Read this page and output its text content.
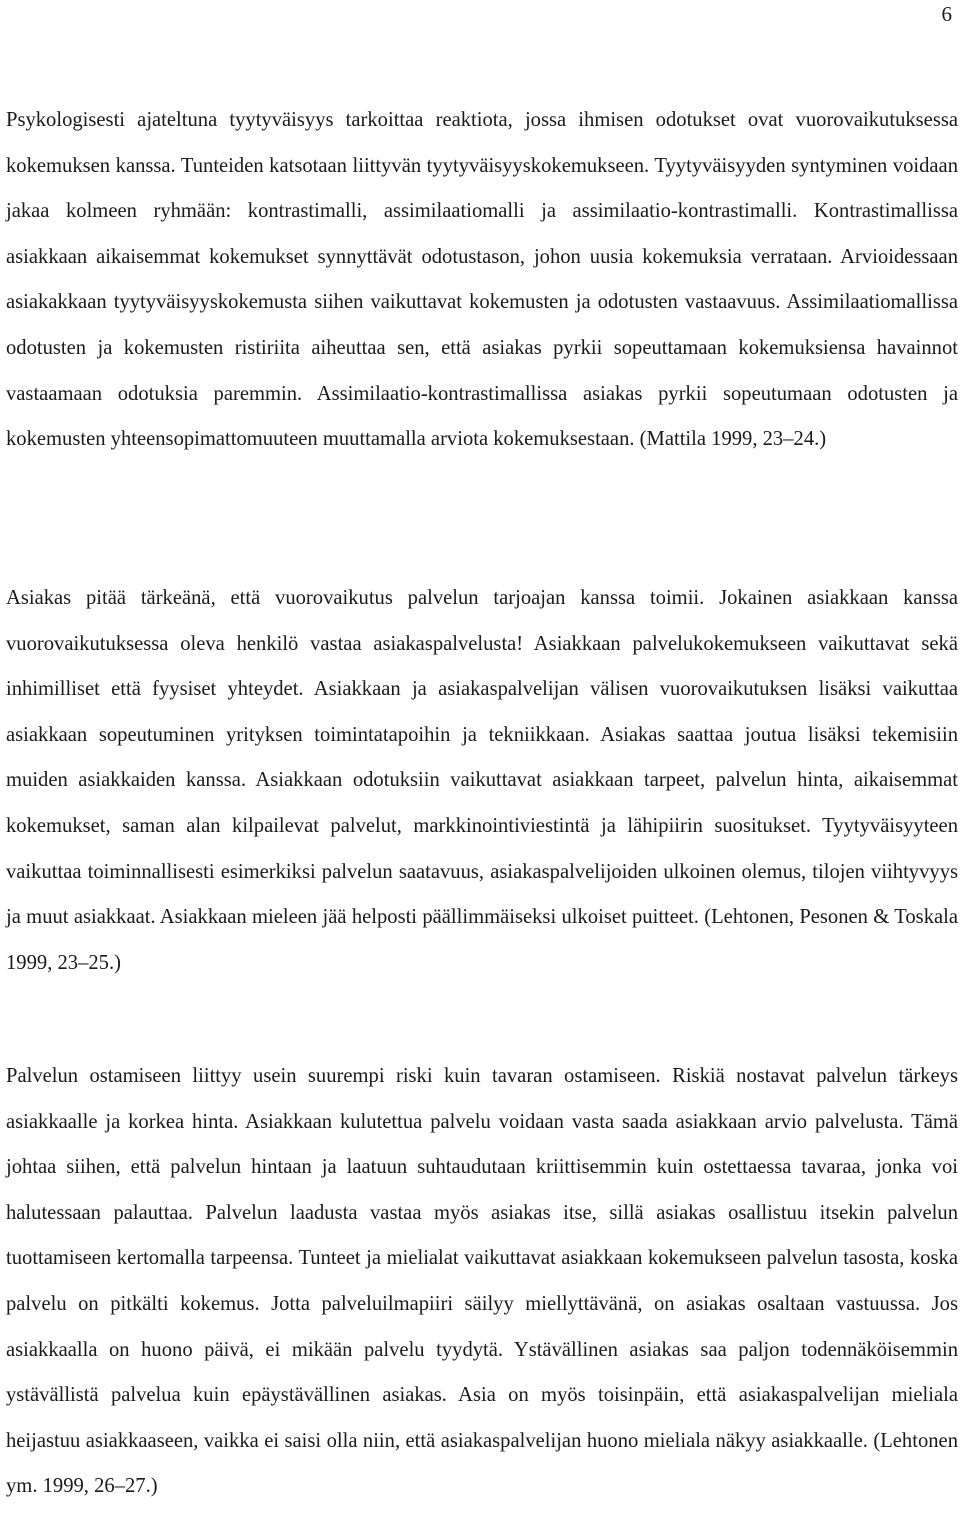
6

Psykologisesti ajateltuna tyytyväisyys tarkoittaa reaktiota, jossa ihmisen odotukset ovat vuorovaikutuksessa kokemuksen kanssa. Tunteiden katsotaan liittyvän tyytyväisyyskokemukseen. Tyytyväisyyden syntyminen voidaan jakaa kolmeen ryhmään: kontrastimalli, assimilaatiomalli ja assimilaatio-kontrastimalli. Kontrastimallissa asiakkaan aikaisemmat kokemukset synnyttävät odotustason, johon uusia kokemuksia verrataan. Arvioidessaan asiakakkaan tyytyväisyyskokemusta siihen vaikuttavat kokemusten ja odotusten vastaavuus. Assimilaatiomallissa odotusten ja kokemusten ristiriita aiheuttaa sen, että asiakas pyrkii sopeuttamaan kokemuksiensa havainnot vastaamaan odotuksia paremmin. Assimilaatio-kontrastimallissa asiakas pyrkii sopeutumaan odotusten ja kokemusten yhteensopimattomuuteen muuttamalla arviota kokemuksestaan. (Mattila 1999, 23–24.)

Asiakas pitää tärkeänä, että vuorovaikutus palvelun tarjoajan kanssa toimii. Jokainen asiakkaan kanssa vuorovaikutuksessa oleva henkilö vastaa asiakaspalvelusta! Asiakkaan palvelukokemukseen vaikuttavat sekä inhimilliset että fyysiset yhteydet. Asiakkaan ja asiakaspalvelijan välisen vuorovaikutuksen lisäksi vaikuttaa asiakkaan sopeutuminen yrityksen toimintatapoihin ja tekniikkaan. Asiakas saattaa joutua lisäksi tekemisiin muiden asiakkaiden kanssa. Asiakkaan odotuksiin vaikuttavat asiakkaan tarpeet, palvelun hinta, aikaisemmat kokemukset, saman alan kilpailevat palvelut, markkinointiviestintä ja lähipiirin suositukset. Tyytyväisyyteen vaikuttaa toiminnallisesti esimerkiksi palvelun saatavuus, asiakaspalvelijoiden ulkoinen olemus, tilojen viihtyvyys ja muut asiakkaat. Asiakkaan mieleen jää helposti päällimmäiseksi ulkoiset puitteet. (Lehtonen, Pesonen & Toskala 1999, 23–25.)

Palvelun ostamiseen liittyy usein suurempi riski kuin tavaran ostamiseen. Riskiä nostavat palvelun tärkeys asiakkaalle ja korkea hinta. Asiakkaan kulutettua palvelu voidaan vasta saada asiakkaan arvio palvelusta. Tämä johtaa siihen, että palvelun hintaan ja laatuun suhtaudutaan kriittisemmin kuin ostettaessa tavaraa, jonka voi halutessaan palauttaa. Palvelun laadusta vastaa myös asiakas itse, sillä asiakas osallistuu itsekin palvelun tuottamiseen kertomalla tarpeensa. Tunteet ja mielialat vaikuttavat asiakkaan kokemukseen palvelun tasosta, koska palvelu on pitkälti kokemus. Jotta palveluilmapiiri säilyy miellyttävänä, on asiakas osaltaan vastuussa. Jos asiakkaalla on huono päivä, ei mikään palvelu tyydytä. Ystävällinen asiakas saa paljon todennäköisemmin ystävällistä palvelua kuin epäystävällinen asiakas. Asia on myös toisinpäin, että asiakaspalvelijan mieliala heijastuu asiakkaaseen, vaikka ei saisi olla niin, että asiakaspalvelijan huono mieliala näkyy asiakkaalle. (Lehtonen ym. 1999, 26–27.)
